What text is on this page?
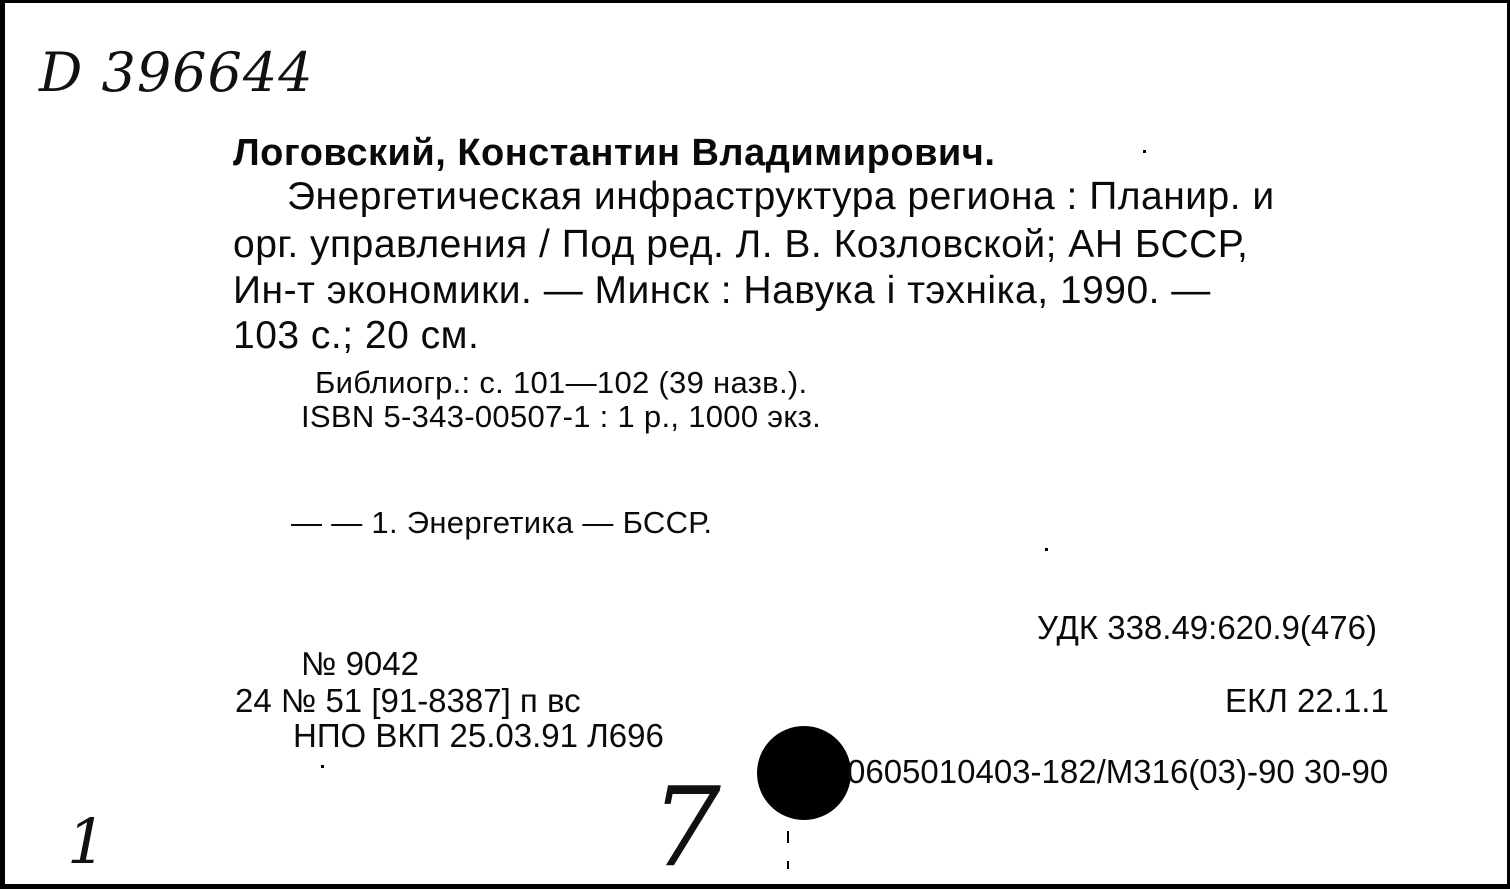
D 396644
Логовский, Константин Владимирович.
Энергетическая инфраструктура региона : Планир. и
орг. управления / Под ред. Л. В. Козловской; АН БССР,
Ин-т экономики. — Минск : Навука і тэхніка, 1990. —
103 с.; 20 см.
Библиогр.: с. 101—102 (39 назв.).
ISBN 5-343-00507-1 : 1 р., 1000 экз.
— — 1. Энергетика — БССР.
УДК 338.49:620.9(476)
№ 9042
24 № 51 [91-8387] п вс	ЕКЛ 22.1.1
НПО ВКП 25.03.91 Л696
0605010403-182/М316(03)-90 30-90
1	7
